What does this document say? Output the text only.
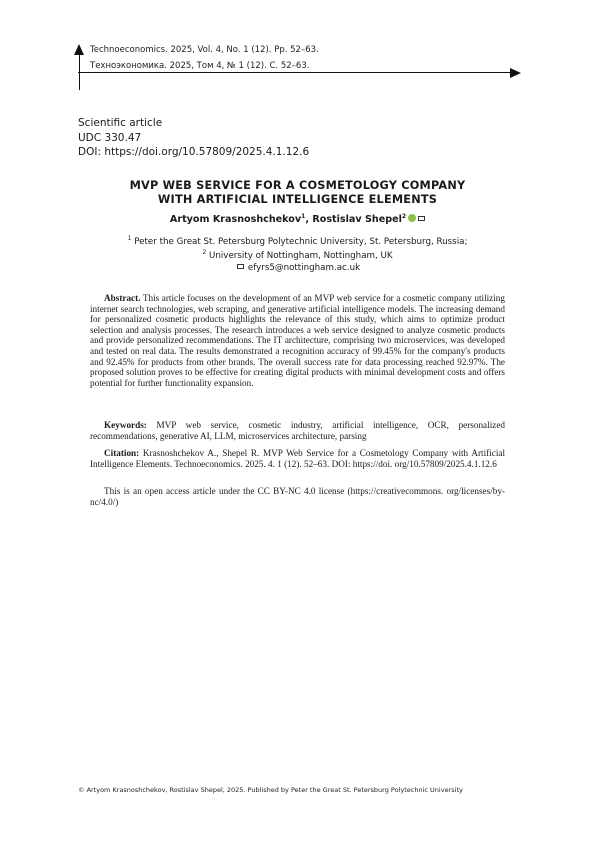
Technoeconomics. 2025, Vol. 4, No. 1 (12). Pp. 52–63.
Техноэкономика. 2025, Том 4, № 1 (12). С. 52–63.
Scientific article
UDC 330.47
DOI: https://doi.org/10.57809/2025.4.1.12.6
MVP WEB SERVICE FOR A COSMETOLOGY COMPANY
WITH ARTIFICIAL INTELLIGENCE ELEMENTS
Artyom Krasnoshchekov$^1$, Rostislav Shepel$^2$
$^1$ Peter the Great St. Petersburg Polytechnic University, St. Petersburg, Russia;
$^2$ University of Nottingham, Nottingham, UK
efyrs5@nottingham.ac.uk
Abstract. This article focuses on the development of an MVP web service for a cosmetic company utilizing internet search technologies, web scraping, and generative artificial intelligence models. The increasing demand for personalized cosmetic products highlights the relevance of this study, which aims to optimize product selection and analysis processes. The research introduces a web service designed to analyze cosmetic products and provide personalized recommendations. The IT architecture, comprising two microservices, was developed and tested on real data. The results demonstrated a recognition accuracy of 99.45% for the company's products and 92.45% for products from other brands. The overall success rate for data processing reached 92.97%. The proposed solution proves to be effective for creating digital products with minimal development costs and offers potential for further functionality expansion.
Keywords: MVP web service, cosmetic industry, artificial intelligence, OCR, personalized recommendations, generative AI, LLM, microservices architecture, parsing
Citation: Krasnoshchekov A., Shepel R. MVP Web Service for a Cosmetology Company with Artificial Intelligence Elements. Technoeconomics. 2025. 4. 1 (12). 52–63. DOI: https://doi. org/10.57809/2025.4.1.12.6
This is an open access article under the CC BY-NC 4.0 license (https://creativecommons. org/licenses/by-nc/4.0/)
© Artyom Krasnoshchekov, Rostislav Shepel, 2025. Published by Peter the Great St. Petersburg Polytechnic University
